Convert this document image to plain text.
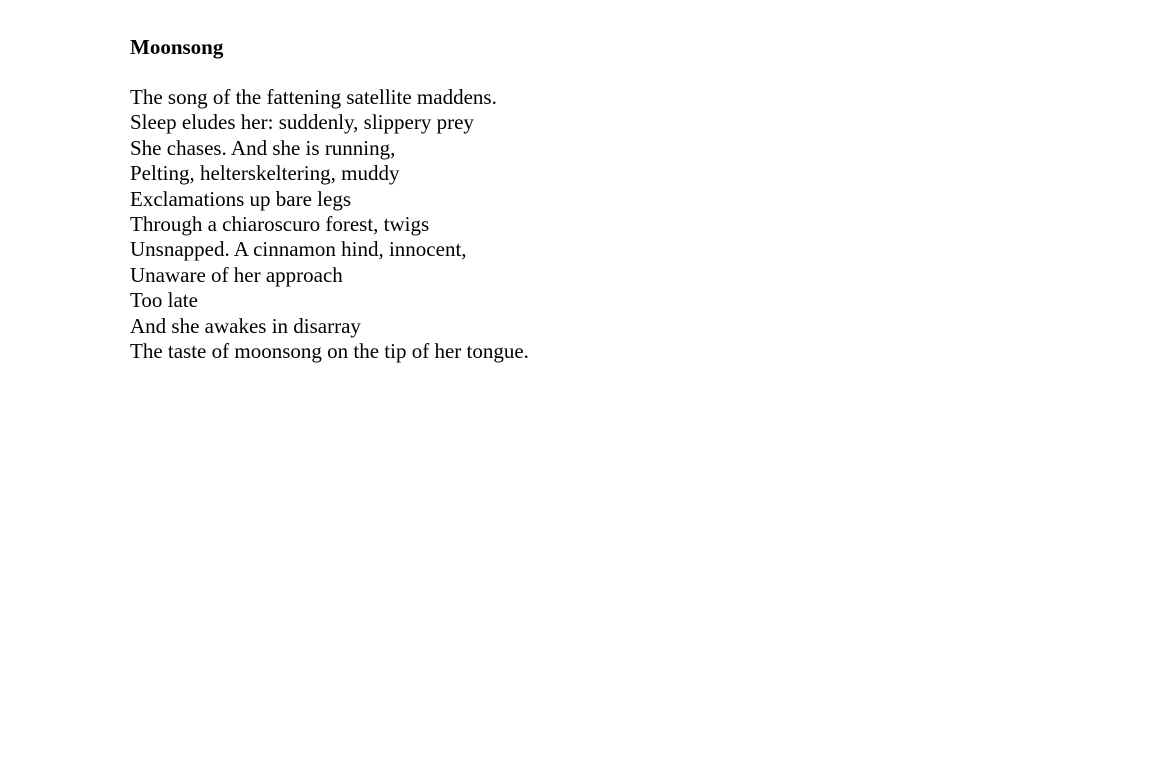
Moonsong
The song of the fattening satellite maddens.
Sleep eludes her: suddenly, slippery prey
She chases. And she is running,
Pelting, helterskeltering, muddy
Exclamations up bare legs
Through a chiaroscuro forest, twigs
Unsnapped. A cinnamon hind, innocent,
Unaware of her approach
Too late
And she awakes in disarray
The taste of moonsong on the tip of her tongue.
